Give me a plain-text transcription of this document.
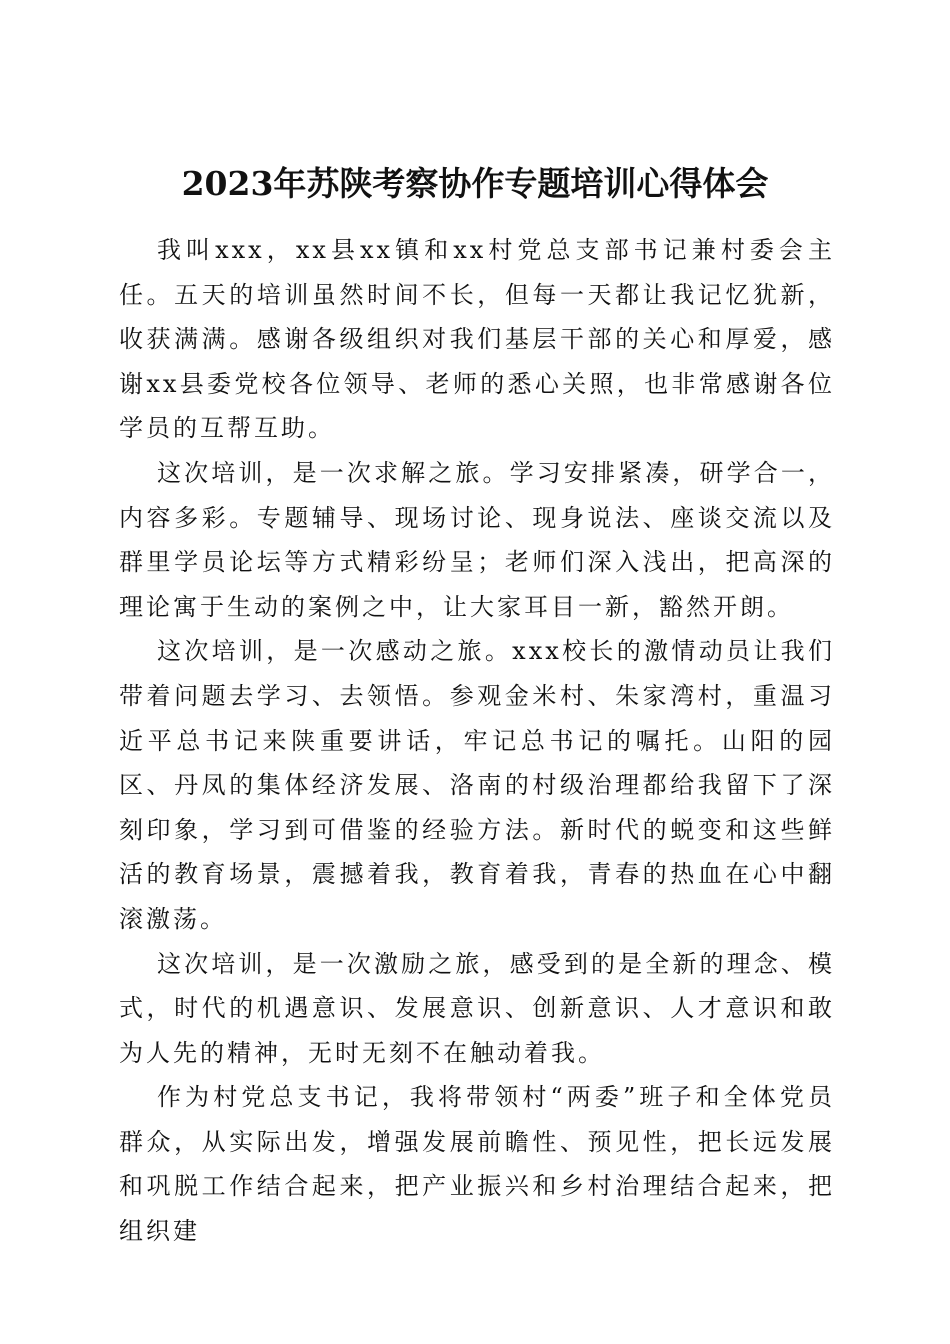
2023年苏陕考察协作专题培训心得体会

我叫xxx，xx县xx镇和xx村党总支部书记兼村委会主任。五天的培训虽然时间不长，但每一天都让我记忆犹新，收获满满。感谢各级组织对我们基层干部的关心和厚爱，感谢xx县委党校各位领导、老师的悉心关照，也非常感谢各位学员的互帮互助。

这次培训，是一次求解之旅。学习安排紧凑，研学合一，内容多彩。专题辅导、现场讨论、现身说法、座谈交流以及群里学员论坛等方式精彩纷呈；老师们深入浅出，把高深的理论寓于生动的案例之中，让大家耳目一新，豁然开朗。

这次培训，是一次感动之旅。xxx校长的激情动员让我们带着问题去学习、去领悟。参观金米村、朱家湾村，重温习近平总书记来陕重要讲话，牢记总书记的嘱托。山阳的园区、丹凤的集体经济发展、洛南的村级治理都给我留下了深刻印象，学习到可借鉴的经验方法。新时代的蜕变和这些鲜活的教育场景，震撼着我，教育着我，青春的热血在心中翻滚激荡。

这次培训，是一次激励之旅，感受到的是全新的理念、模式，时代的机遇意识、发展意识、创新意识、人才意识和敢为人先的精神，无时无刻不在触动着我。

作为村党总支书记，我将带领村“两委”班子和全体党员群众，从实际出发，增强发展前瞻性、预见性，把长远发展和巩脱工作结合起来，把产业振兴和乡村治理结合起来，把组织建
